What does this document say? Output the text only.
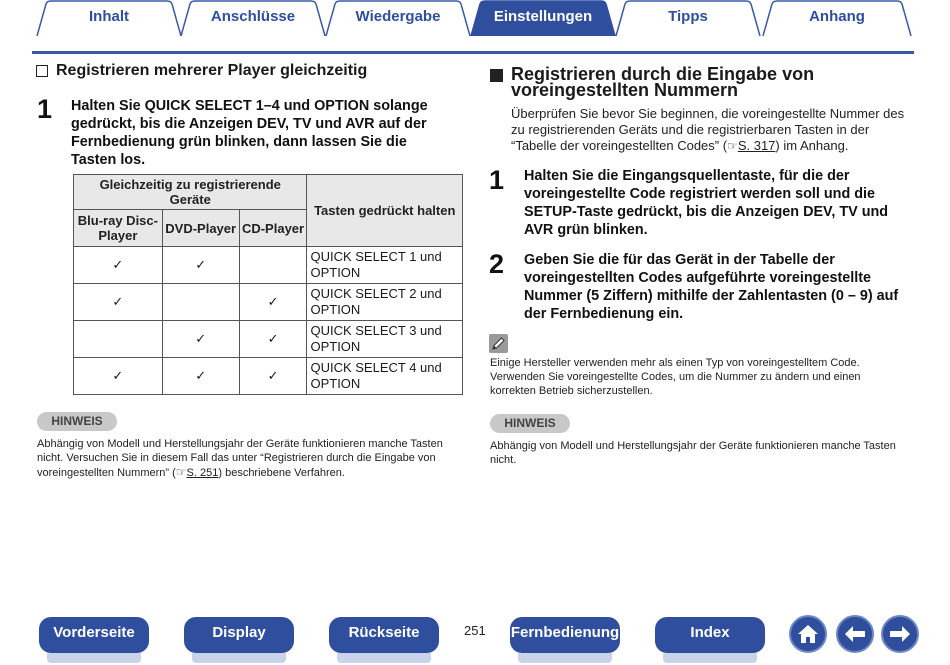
Inhalt	Anschlüsse	Wiedergabe	Einstellungen	Tipps	Anhang
Registrieren mehrerer Player gleichzeitig
1 Halten Sie QUICK SELECT 1–4 und OPTION solange
gedrückt, bis die Anzeigen DEV, TV und AVR auf der
Fernbedienung grün blinken, dann lassen Sie die
Tasten los.
Gleichzeitig zu registrierende
Geräte			Tasten gedrückt halten

Blu-ray Disc-
Player	DVD-Player	CD-Player	
✓	✓		QUICK SELECT 1 und
OPTION

✓		✓	QUICK SELECT 2 und
OPTION

	✓	✓	QUICK SELECT 3 und
OPTION

✓	✓	✓	QUICK SELECT 4 und
OPTION
HINWEIS
Abhängig von Modell und Herstellungsjahr der Geräte funktionieren manche Tasten
nicht. Versuchen Sie in diesem Fall das unter “Registrieren durch die Eingabe von
voreingestellten Nummern” (☞S. 251) beschriebene Verfahren.
Registrieren durch die Eingabe von
voreingestellten Nummern
Überprüfen Sie bevor Sie beginnen, die voreingestellte Nummer des
zu registrierenden Geräts und die registrierbaren Tasten in der
“Tabelle der voreingestellten Codes” (☞S. 317) im Anhang.
1 Halten Sie die Eingangsquellentaste, für die der
voreingestellte Code registriert werden soll und die
SETUP-Taste gedrückt, bis die Anzeigen DEV, TV und
AVR grün blinken.
2 Geben Sie die für das Gerät in der Tabelle der
voreingestellten Codes aufgeführte voreingestellte
Nummer (5 Ziffern) mithilfe der Zahlentasten (0 – 9) auf
der Fernbedienung ein.
Einige Hersteller verwenden mehr als einen Typ von voreingestelltem Code.
Verwenden Sie voreingestellte Codes, um die Nummer zu ändern und einen
korrekten Betrieb sicherzustellen.
HINWEIS
Abhängig von Modell und Herstellungsjahr der Geräte funktionieren manche Tasten
nicht.
Vorderseite	Display	Rückseite	251 Fernbedienung	Index
